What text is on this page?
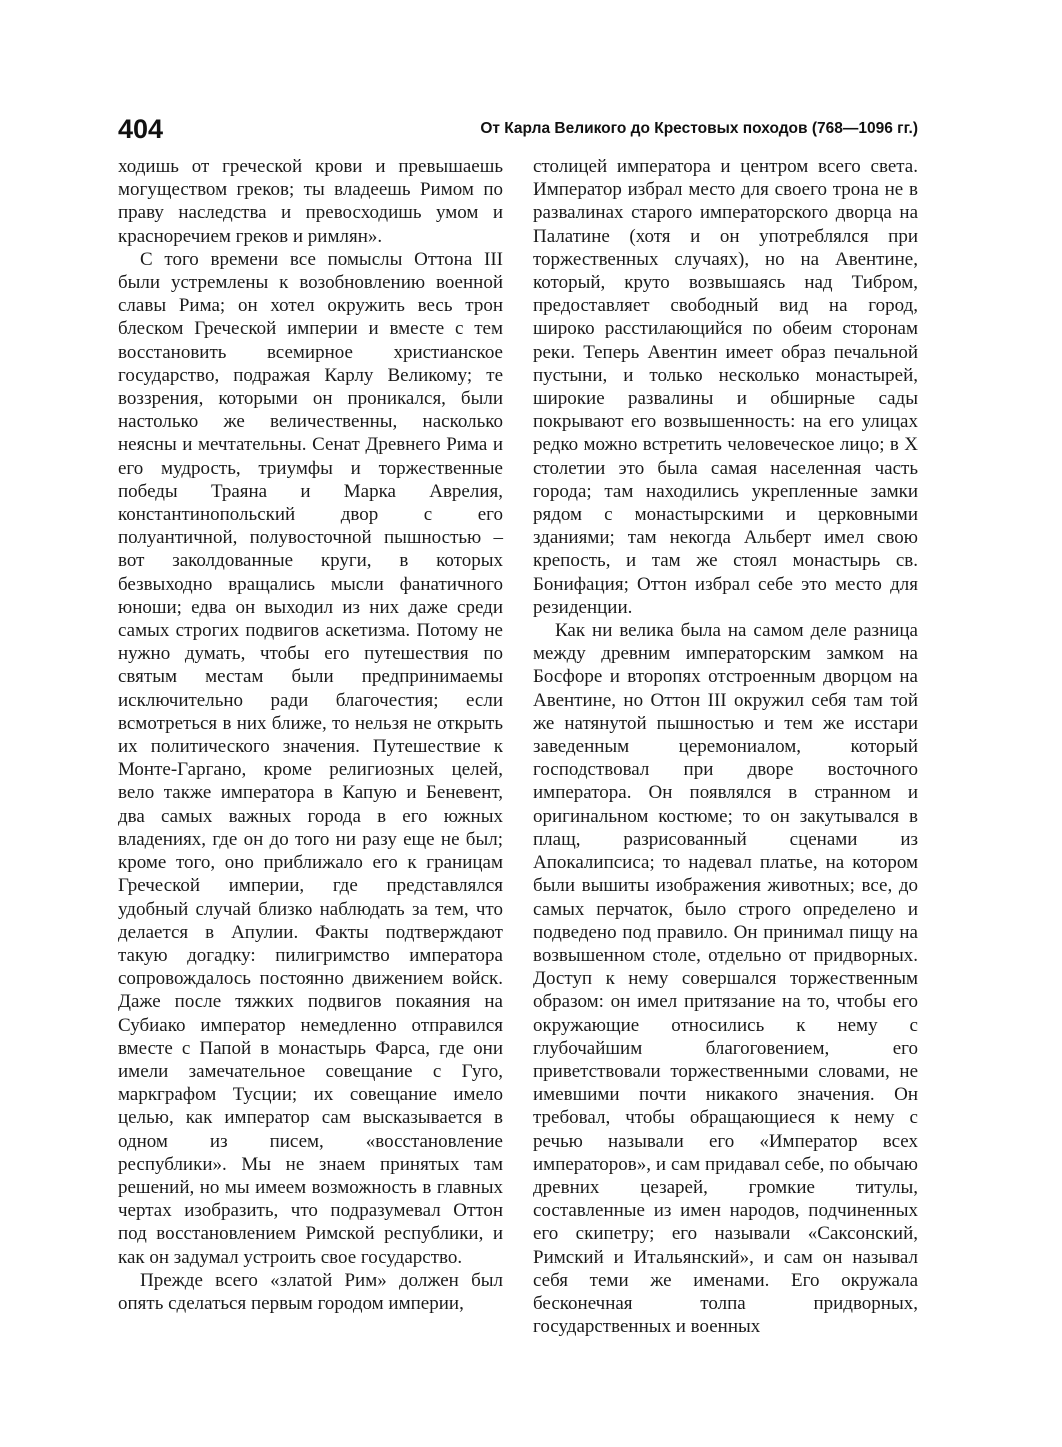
404	От Карла Великого до Крестовых походов (768—1096 гг.)

ходишь от греческой крови и превышаешь могуществом греков; ты владеешь Римом по праву наследства и превосходишь умом и красноречием греков и римлян».

С того времени все помыслы Оттона III были устремлены к возобновлению военной славы Рима; он хотел окружить весь трон блеском Греческой империи и вместе с тем восстановить всемирное христианское государство, подражая Карлу Великому; те воззрения, которыми он проникался, были настолько же величественны, насколько неясны и мечтательны. Сенат Древнего Рима и его мудрость, триумфы и торжественные победы Траяна и Марка Аврелия, константинопольский двор с его полуантичной, полувосточной пышностью – вот заколдованные круги, в которых безвыходно вращались мысли фанатичного юноши; едва он выходил из них даже среди самых строгих подвигов аскетизма. Потому не нужно думать, чтобы его путешествия по святым местам были предпринимаемы исключительно ради благочестия; если всмотреться в них ближе, то нельзя не открыть их политического значения. Путешествие к Монте-Гаргано, кроме религиозных целей, вело также императора в Капую и Беневент, два самых важных города в его южных владениях, где он до того ни разу еще не был; кроме того, оно приближало его к границам Греческой империи, где представлялся удобный случай близко наблюдать за тем, что делается в Апулии. Факты подтверждают такую догадку: пилигримство императора сопровождалось постоянно движением войск. Даже после тяжких подвигов покаяния на Субиако император немедленно отправился вместе с Папой в монастырь Фарса, где они имели замечательное совещание с Гуго, маркграфом Тусции; их совещание имело целью, как император сам высказывается в одном из писем, «восстановление республики». Мы не знаем принятых там решений, но мы имеем возможность в главных чертах изобразить, что подразумевал Оттон под восстановлением Римской республики, и как он задумал устроить свое государство.

Прежде всего «златой Рим» должен был опять сделаться первым городом империи,

столицей императора и центром всего света. Император избрал место для своего трона не в развалинах старого императорского дворца на Палатине (хотя и он употреблялся при торжественных случаях), но на Авентине, который, круто возвышаясь над Тибром, предоставляет свободный вид на город, широко расстилающийся по обеим сторонам реки. Теперь Авентин имеет образ печальной пустыни, и только несколько монастырей, широкие развалины и обширные сады покрывают его возвышенность: на его улицах редко можно встретить человеческое лицо; в X столетии это была самая населенная часть города; там находились укрепленные замки рядом с монастырскими и церковными зданиями; там некогда Альберт имел свою крепость, и там же стоял монастырь св. Бонифация; Оттон избрал себе это место для резиденции.

Как ни велика была на самом деле разница между древним императорским замком на Босфоре и второпях отстроенным дворцом на Авентине, но Оттон III окружил себя там той же натянутой пышностью и тем же исстари заведенным церемониалом, который господствовал при дворе восточного императора. Он появлялся в странном и оригинальном костюме; то он закутывался в плащ, разрисованный сценами из Апокалипсиса; то надевал платье, на котором были вышиты изображения животных; все, до самых перчаток, было строго определено и подведено под правило. Он принимал пищу на возвышенном столе, отдельно от придворных. Доступ к нему совершался торжественным образом: он имел притязание на то, чтобы его окружающие относились к нему с глубочайшим благоговением, его приветствовали торжественными словами, не имевшими почти никакого значения. Он требовал, чтобы обращающиеся к нему с речью называли его «Император всех императоров», и сам придавал себе, по обычаю древних цезарей, громкие титулы, составленные из имен народов, подчиненных его скипетру; его называли «Саксонский, Римский и Итальянский», и сам он называл себя теми же именами. Его окружала бесконечная толпа придворных, государственных и военных
